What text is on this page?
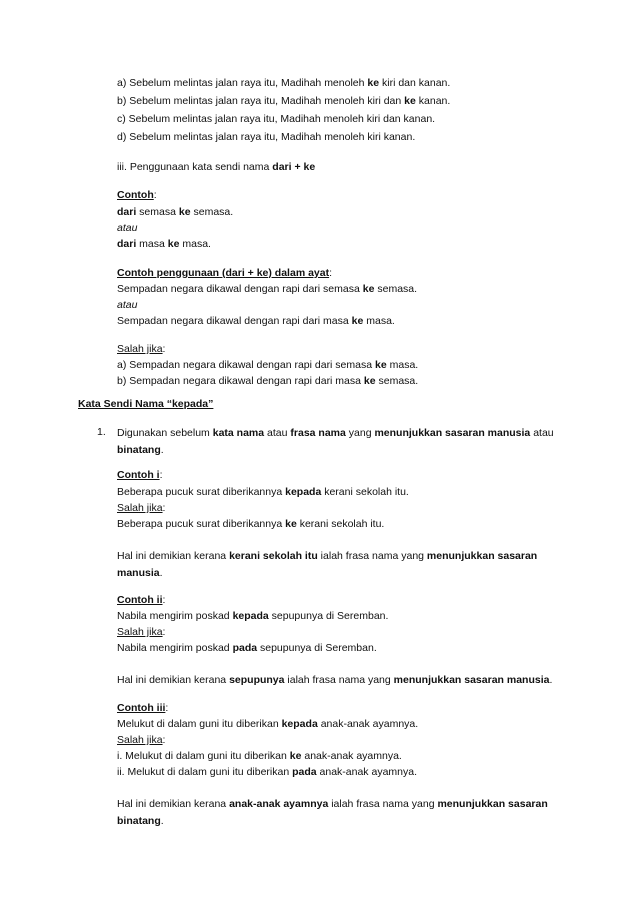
a) Sebelum melintas jalan raya itu, Madihah menoleh ke kiri dan kanan.
b) Sebelum melintas jalan raya itu, Madihah menoleh kiri dan ke kanan.
c) Sebelum melintas jalan raya itu, Madihah menoleh kiri dan kanan.
d) Sebelum melintas jalan raya itu, Madihah menoleh kiri kanan.
iii. Penggunaan kata sendi nama dari + ke
Contoh:
dari semasa ke semasa.
atau
dari masa ke masa.
Contoh penggunaan (dari + ke) dalam ayat:
Sempadan negara dikawal dengan rapi dari semasa ke semasa.
atau
Sempadan negara dikawal dengan rapi dari masa ke masa.
Salah jika:
a) Sempadan negara dikawal dengan rapi dari semasa ke masa.
b) Sempadan negara dikawal dengan rapi dari masa ke semasa.
Kata Sendi Nama “kepada”
1. Digunakan sebelum kata nama atau frasa nama yang menunjukkan sasaran manusia atau binatang.
Contoh i:
Beberapa pucuk surat diberikannya kepada kerani sekolah itu.
Salah jika:
Beberapa pucuk surat diberikannya ke kerani sekolah itu.
Hal ini demikian kerana kerani sekolah itu ialah frasa nama yang menunjukkan sasaran manusia.
Contoh ii:
Nabila mengirim poskad kepada sepupunya di Seremban.
Salah jika:
Nabila mengirim poskad pada sepupunya di Seremban.
Hal ini demikian kerana sepupunya ialah frasa nama yang menunjukkan sasaran manusia.
Contoh iii:
Melukut di dalam guni itu diberikan kepada anak-anak ayamnya.
Salah jika:
i. Melukut di dalam guni itu diberikan ke anak-anak ayamnya.
ii. Melukut di dalam guni itu diberikan pada anak-anak ayamnya.
Hal ini demikian kerana anak-anak ayamnya ialah frasa nama yang menunjukkan sasaran binatang.
